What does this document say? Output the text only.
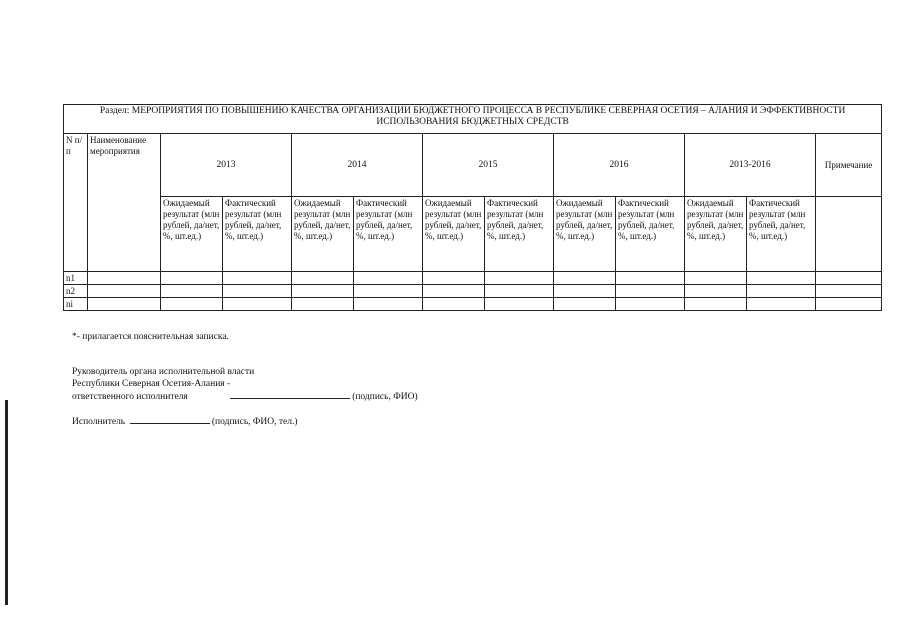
Раздел: МЕРОПРИЯТИЯ ПО ПОВЫШЕНИЮ КАЧЕСТВА ОРГАНИЗАЦИИ БЮДЖЕТНОГО ПРОЦЕССА В РЕСПУБЛИКЕ СЕВЕРНАЯ ОСЕТИЯ – АЛАНИЯ И ЭФФЕКТИВНОСТИ ИСПОЛЬЗОВАНИЯ БЮДЖЕТНЫХ СРЕДСТВ												
N п/п	Наименование мероприятия	2013		2014		2015		2016		2013-2016		Примечание
		Ожидаемый результат (млн рублей, да/нет, %, шт.ед.)	Фактический результат (млн рублей, да/нет, %, шт.ед.)	Ожидаемый результат (млн рублей, да/нет, %, шт.ед.)	Фактический результат (млн рублей, да/нет, %, шт.ед.)	Ожидаемый результат (млн рублей, да/нет, %, шт.ед.)	Фактический результат (млн рублей, да/нет, %, шт.ед.)	Ожидаемый результат (млн рублей, да/нет, %, шт.ед.)	Фактический результат (млн рублей, да/нет, %, шт.ед.)	Ожидаемый результат (млн рублей, да/нет, %, шт.ед.)	Фактический результат (млн рублей, да/нет, %, шт.ед.)	
n1												
n2												
ni												
*- прилагается пояснительная записка.
Руководитель органа исполнительной власти
Республики Северная Осетия-Алания -
ответственного исполнителя	(подпись, ФИО)
Исполнитель	(подпись, ФИО, тел.)
